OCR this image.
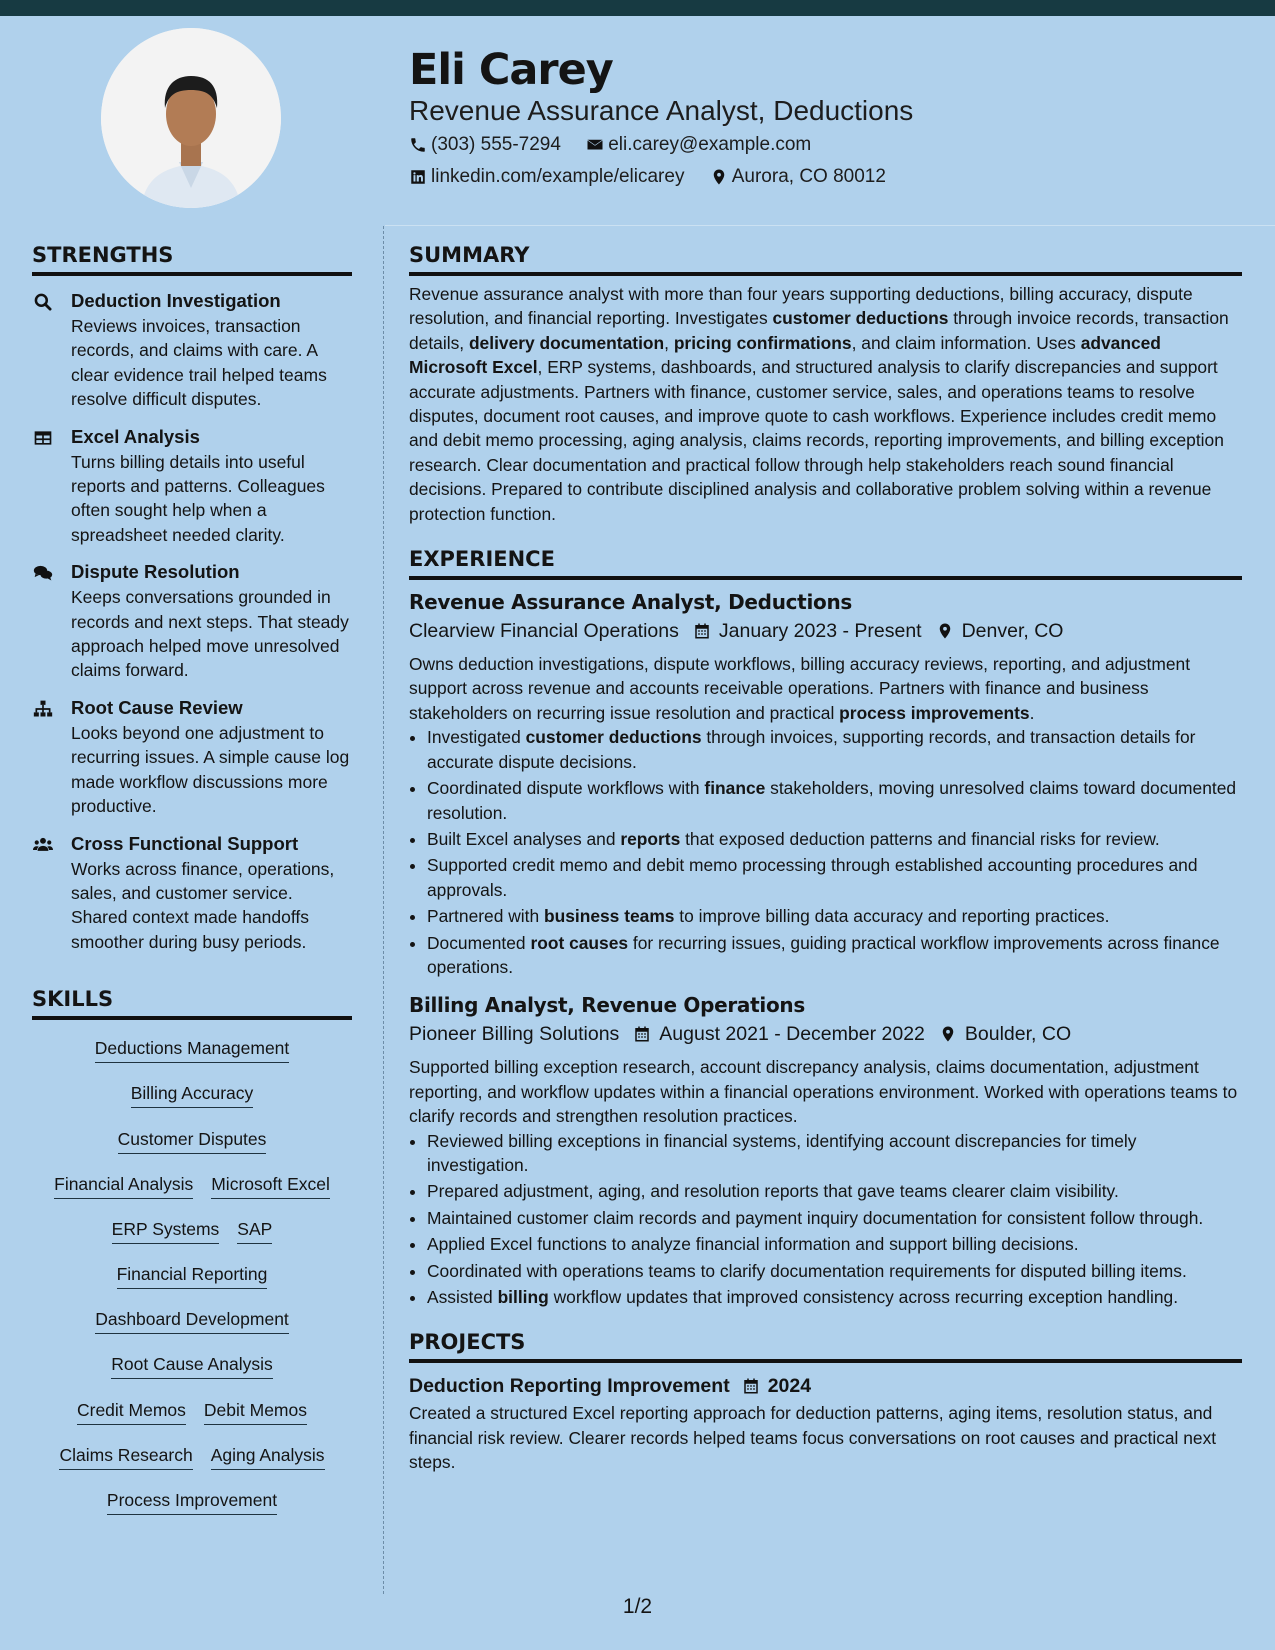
Eli Carey
Revenue Assurance Analyst, Deductions
(303) 555-7294
eli.carey@example.com
linkedin.com/example/elicarey
Aurora, CO 80012
STRENGTHS
Deduction Investigation
Reviews invoices, transaction records, and claims with care. A clear evidence trail helped teams resolve difficult disputes.
Excel Analysis
Turns billing details into useful reports and patterns. Colleagues often sought help when a spreadsheet needed clarity.
Dispute Resolution
Keeps conversations grounded in records and next steps. That steady approach helped move unresolved claims forward.
Root Cause Review
Looks beyond one adjustment to recurring issues. A simple cause log made workflow discussions more productive.
Cross Functional Support
Works across finance, operations, sales, and customer service. Shared context made handoffs smoother during busy periods.
SKILLS
Deductions Management
Billing Accuracy
Customer Disputes
Financial Analysis Microsoft Excel
ERP Systems SAP
Financial Reporting
Dashboard Development
Root Cause Analysis
Credit Memos Debit Memos
Claims Research Aging Analysis
Process Improvement
SUMMARY

Revenue assurance analyst with more than four years supporting deductions, billing accuracy, dispute resolution, and financial reporting. Investigates customer deductions through invoice records, transaction details, delivery documentation, pricing confirmations, and claim information. Uses advanced Microsoft Excel, ERP systems, dashboards, and structured analysis to clarify discrepancies and support accurate adjustments. Partners with finance, customer service, sales, and operations teams to resolve disputes, document root causes, and improve quote to cash workflows. Experience includes credit memo and debit memo processing, aging analysis, claims records, reporting improvements, and billing exception research. Clear documentation and practical follow through help stakeholders reach sound financial decisions. Prepared to contribute disciplined analysis and collaborative problem solving within a revenue protection function.

EXPERIENCE
Revenue Assurance Analyst, Deductions
Clearview Financial Operations January 2023 - Present Denver, CO

Owns deduction investigations, dispute workflows, billing accuracy reviews, reporting, and adjustment support across revenue and accounts receivable operations. Partners with finance and business stakeholders on recurring issue resolution and practical process improvements.

• Investigated customer deductions through invoices, supporting records, and transaction details for accurate dispute decisions.
• Coordinated dispute workflows with finance stakeholders, moving unresolved claims toward documented resolution.
• Built Excel analyses and reports that exposed deduction patterns and financial risks for review.
• Supported credit memo and debit memo processing through established accounting procedures and approvals.
• Partnered with business teams to improve billing data accuracy and reporting practices.
• Documented root causes for recurring issues, guiding practical workflow improvements across finance operations.
Billing Analyst, Revenue Operations
Pioneer Billing Solutions August 2021 - December 2022 Boulder, CO

Supported billing exception research, account discrepancy analysis, claims documentation, adjustment reporting, and workflow updates within a financial operations environment. Worked with operations teams to clarify records and strengthen resolution practices.

• Reviewed billing exceptions in financial systems, identifying account discrepancies for timely investigation.
• Prepared adjustment, aging, and resolution reports that gave teams clearer claim visibility.
• Maintained customer claim records and payment inquiry documentation for consistent follow through.
• Applied Excel functions to analyze financial information and support billing decisions.
• Coordinated with operations teams to clarify documentation requirements for disputed billing items.
• Assisted billing workflow updates that improved consistency across recurring exception handling.
PROJECTS
Deduction Reporting Improvement 2024

Created a structured Excel reporting approach for deduction patterns, aging items, resolution status, and financial risk review. Clearer records helped teams focus conversations on root causes and practical next steps.

1/2
